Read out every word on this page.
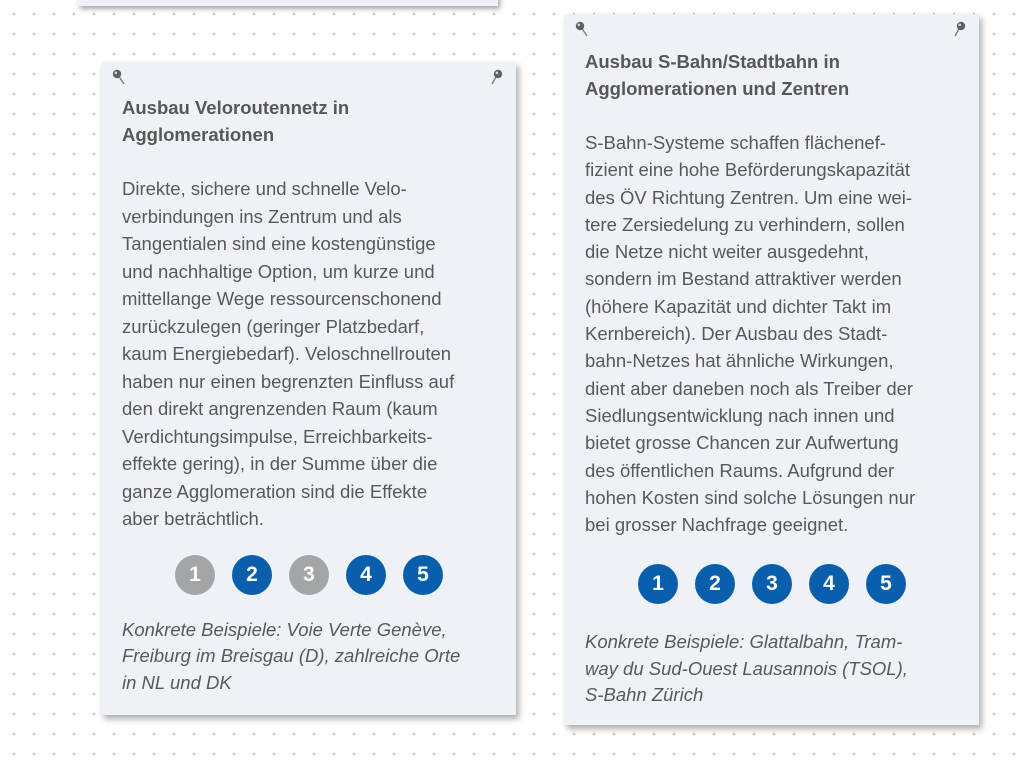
Ausbau Veloroutennetz in
Agglomerationen

Direkte, sichere und schnelle Velo-
verbindungen ins Zentrum und als
Tangentialen sind eine kostengünstige
und nachhaltige Option, um kurze und
mittellange Wege ressourcenschonend
zurückzulegen (geringer Platzbedarf,
kaum Energiebedarf). Veloschnellrouten
haben nur einen begrenzten Einfluss auf
den direkt angrenzenden Raum (kaum
Verdichtungsimpulse, Erreichbarkeits-
effekte gering), in der Summe über die
ganze Agglomeration sind die Effekte
aber beträchtlich.

1	2	3	4	5

Konkrete Beispiele: Voie Verte Genève,
Freiburg im Breisgau (D), zahlreiche Orte
in NL und DK

Ausbau S-Bahn/Stadtbahn in
Agglomerationen und Zentren

S-Bahn-Systeme schaffen flächenef-
fizient eine hohe Beförderungskapazität
des ÖV Richtung Zentren. Um eine wei-
tere Zersiedelung zu verhindern, sollen
die Netze nicht weiter ausgedehnt,
sondern im Bestand attraktiver werden
(höhere Kapazität und dichter Takt im
Kernbereich). Der Ausbau des Stadt-
bahn-Netzes hat ähnliche Wirkungen,
dient aber daneben noch als Treiber der
Siedlungsentwicklung nach innen und
bietet grosse Chancen zur Aufwertung
des öffentlichen Raums. Aufgrund der
hohen Kosten sind solche Lösungen nur
bei grosser Nachfrage geeignet.

1	2	3	4	5

Konkrete Beispiele: Glattalbahn, Tram-
way du Sud-Ouest Lausannois (TSOL),
S-Bahn Zürich
